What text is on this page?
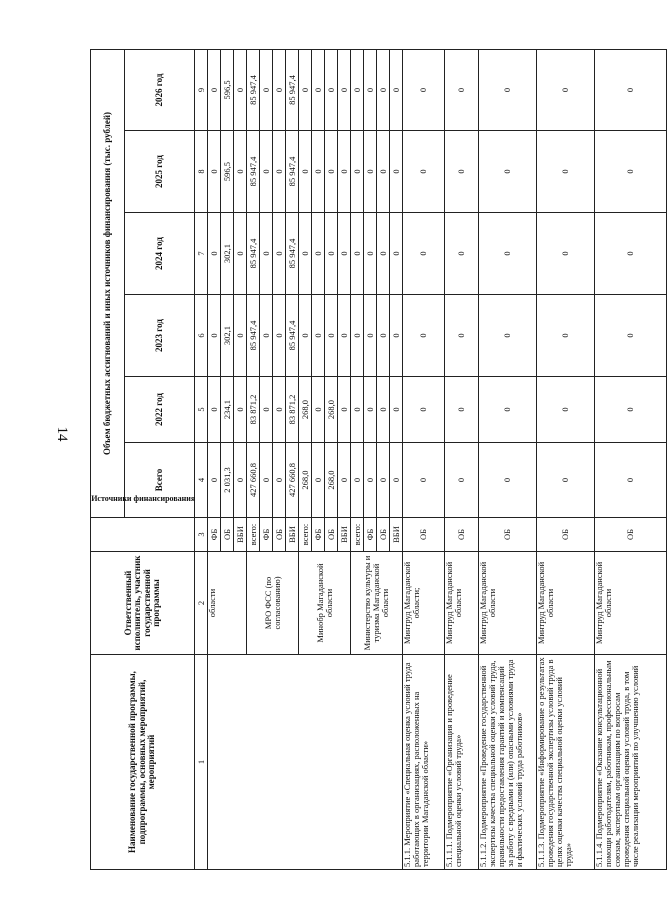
14
Наименование государственной программы, подпрограммы, основных мероприятий, мероприятий	Ответственный исполнитель, участник государственной программы	Источники финансирования	Объем бюджетных ассигнований и иных источников финансирования (тыс. рублей)					
			Всего	2022 год	2023 год	2024 год	2025 год	2026 год
1	2	3	4	5	6	7	8	9
	области	ФБ	0	0	0	0	0	0
		ОБ	2 031,3	234,1	302,1	302,1	596,5	596,5
		ВБИ	0	0	0	0	0	0
	МРО ФСС (по согласованию)	всего:	427 660,8	83 871,2	85 947,4	85 947,4	85 947,4	85 947,4
		ФБ	0	0	0	0	0	0
		ОБ	0	0	0	0	0	0
		ВБИ	427 660,8	83 871,2	85 947,4	85 947,4	85 947,4	85 947,4
	Минобр Магаданской области	всего:	268,0	268,0	0	0	0	0
		ФБ	0	0	0	0	0	0
		ОБ	268,0	268,0	0	0	0	0
		ВБИ	0	0	0	0	0	0
	Министерство культуры и туризма Магаданской области	всего:	0	0	0	0	0	0
		ФБ	0	0	0	0	0	0
		ОБ	0	0	0	0	0	0
		ВБИ	0	0	0	0	0	0
5.1.1. Мероприятие «Специальная оценка условий труда работающих в организациях, расположенных на территории Магаданской области»	Минтруд Магаданской области;	ОБ	0	0	0	0	0	0
5.1.1.1. Подмероприятие «Организация и проведение специальной оценки условий труда»	Минтруд Магаданской области	ОБ	0	0	0	0	0	0
5.1.1.2. Подмероприятие «Проведение государственной экспертизы качества специальной оценки условий труда, правильности предоставления гарантий и компенсаций за работу с вредными и (или) опасными условиями труда и фактических условий труда работников»	Минтруд Магаданской области	ОБ	0	0	0	0	0	0
5.1.1.3. Подмероприятие «Информирование о результатах проведения государственной экспертизы условий труда в целях оценки качества специальной оценки условий труда»	Минтруд Магаданской области	ОБ	0	0	0	0	0	0
5.1.1.4. Подмероприятие «Оказание консультационной помощи работодателям, работникам, профессиональным союзам, экспертным организациям по вопросам проведения специальной оценки условий труда, в том числе реализации мероприятий по улучшению условий	Минтруд Магаданской области	ОБ	0	0	0	0	0	0
